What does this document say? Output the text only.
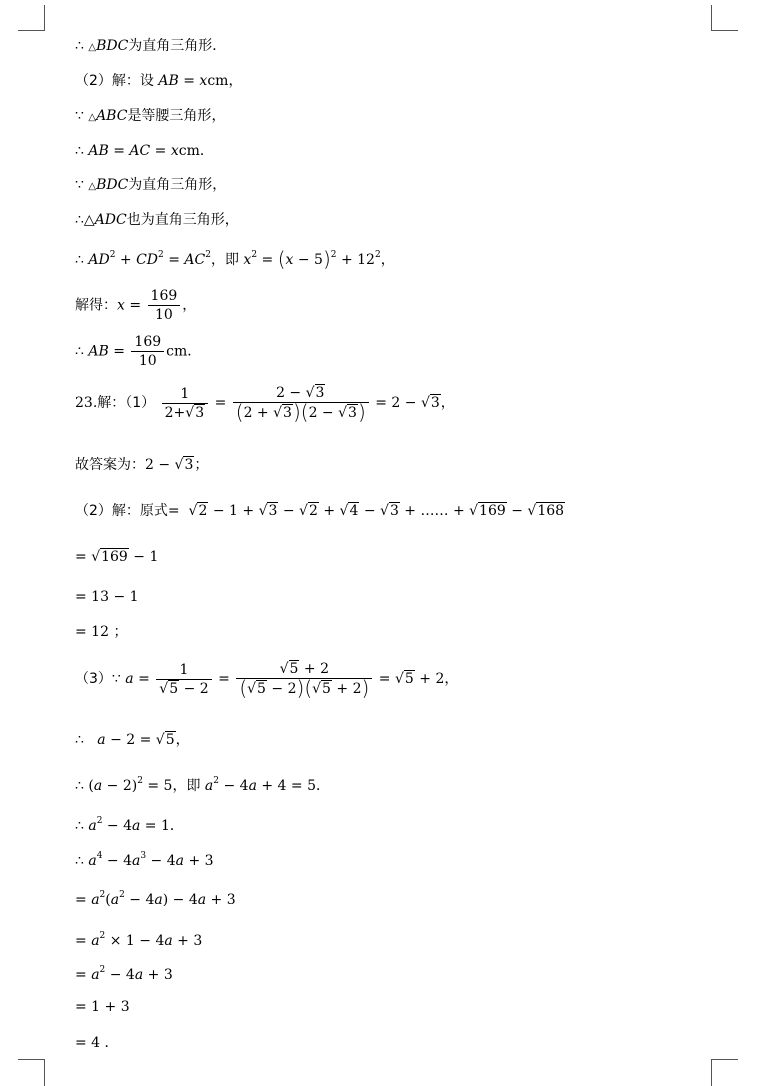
∴ △BDC为直角三角形．
（2）解：设 AB = xcm，
∵ △ABC是等腰三角形，
∴ AB = AC = xcm．
∵ △BDC为直角三角形，
∴△ADC也为直角三角形，
∴ $AD^2 + CD^2 = AC^2$，即 $x^2 = (x - 5)^2 + 12^2$，
解得：$x = \frac{169}{10}$ ，
∴ AB = $\frac{169}{10}$ cm．
23.解：$(1) \frac{1}{2+√3} = \frac{2 - √3}{(2 + √3)(2 - √3)} = 2 - √3$，
故答案为：2 − √3；
（2）解：原式= √2 − 1 + √3 − √2 + √4 − √3 + …… + √169 − √168
= √169 − 1
= 13 − 1
= 12 ；
（3）∵ $a = \frac{1}{√5 - 2} = \frac{√5 + 2}{(√5 - 2)(√5 + 2)} = √5 + 2$，
∴   a − 2 = √5，
∴ $(a - 2)^2 = 5$，即 $a^2 - 4a + 4 = 5$．
∴ $a^2 - 4a = 1$．
∴ $a^4 - 4a^3 - 4a + 3$
= $a^2(a^2 - 4a) - 4a + 3$
= $a^2 \times 1 - 4a + 3$
= $a^2 - 4a + 3$
= 1 + 3
= 4 ．
